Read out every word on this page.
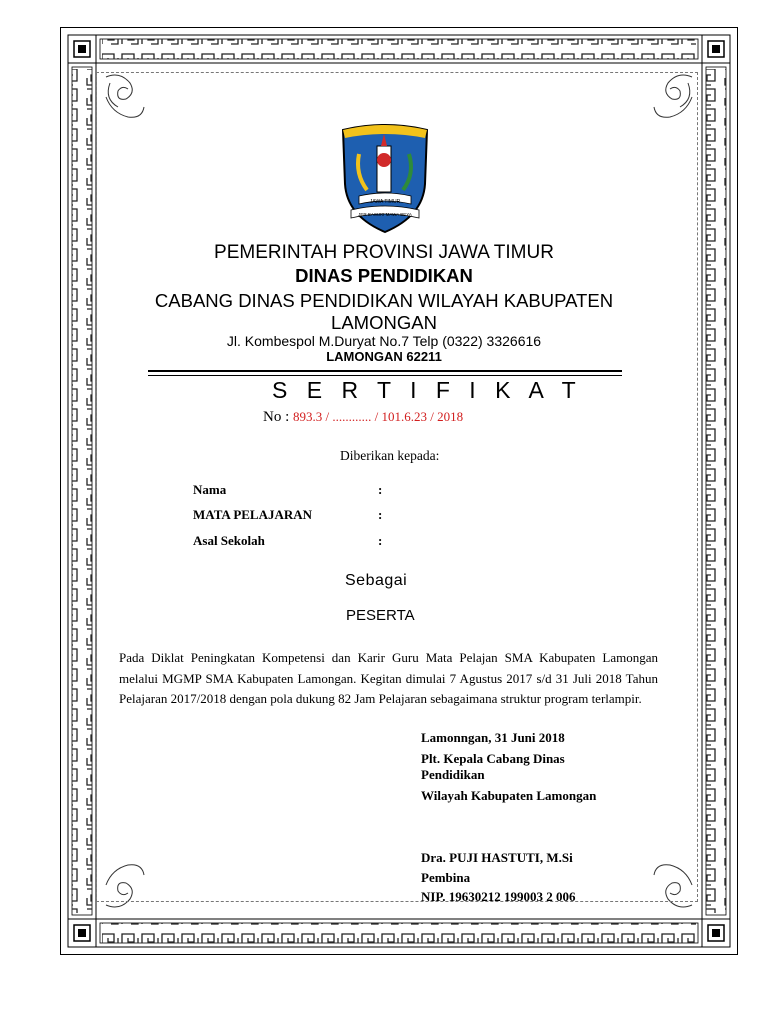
JAWA TIMUR
JER BASUKI MAWA BEYA
PEMERINTAH PROVINSI JAWA TIMUR
DINAS PENDIDIKAN
CABANG DINAS PENDIDIKAN WILAYAH KABUPATEN
LAMONGAN
Jl. Kombespol M.Duryat No.7 Telp (0322) 3326616
LAMONGAN 62211
S E R T I F I K A T
No : 893.3 / ............ / 101.6.23 / 2018
Diberikan kepada:
Nama	:
MATA PELAJARAN	:
Asal Sekolah	:
Sebagai
PESERTA
Pada Diklat Peningkatan Kompetensi dan Karir Guru Mata Pelajan SMA Kabupaten Lamongan melalui MGMP SMA Kabupaten Lamongan. Kegitan dimulai 7 Agustus 2017 s/d 31 Juli 2018 Tahun Pelajaran 2017/2018 dengan pola dukung 82 Jam Pelajaran sebagaimana struktur program terlampir.
Lamonngan, 31 Juni 2018
Plt. Kepala Cabang Dinas
Pendidikan
Wilayah Kabupaten Lamongan
Dra. PUJI HASTUTI, M.Si
Pembina
NIP. 19630212 199003 2 006
